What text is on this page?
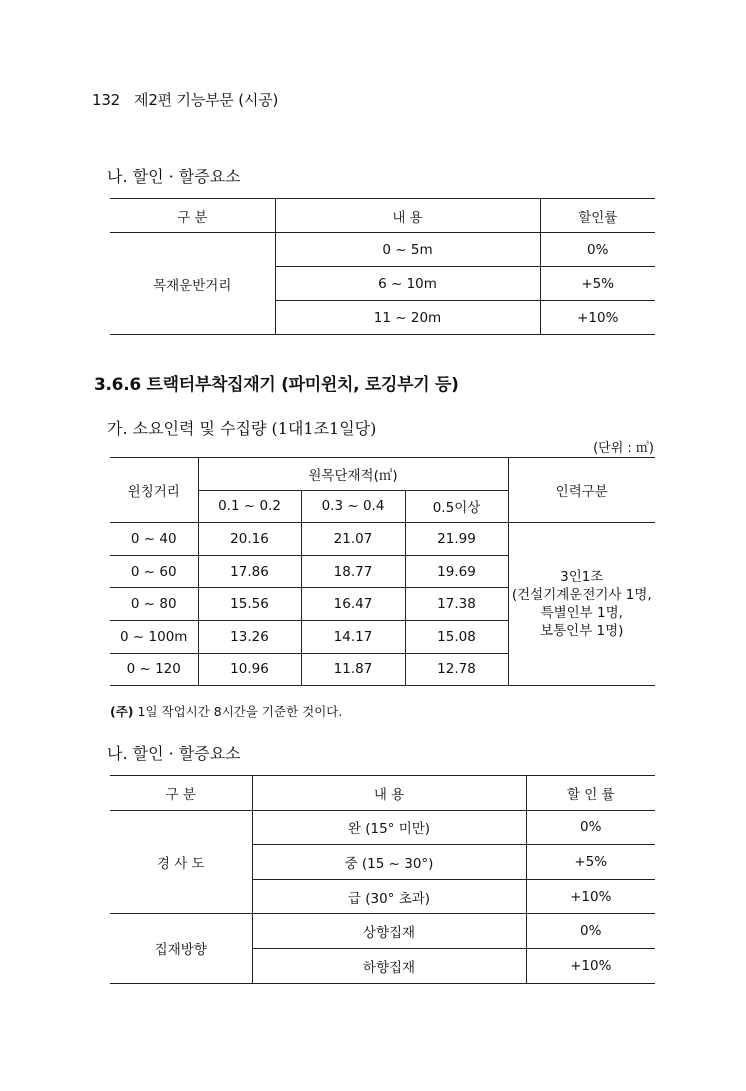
132 제2편 기능부문 (시공)
나. 할인 · 할증요소
구 분	내 용	할인률
목재운반거리	0 ~ 5m	0%
	6 ~ 10m	+5%
	11 ~ 20m	+10%
3.6.6 트랙터부착집재기 (파미윈치, 로깅부기 등)
가. 소요인력 및 수집량 (1대1조1일당)
(단위 : ㎥)
윈칭거리	원목단재적(㎥)			인력구분
	0.1 ~ 0.2	0.3 ~ 0.4	0.5이상	
0 ~ 40	20.16	21.07	21.99	3인1조
(건설기계운전기사 1명,
특별인부 1명,
보통인부 1명)

0 ~ 60	17.86	18.77	19.69	
0 ~ 80	15.56	16.47	17.38	
0 ~ 100m	13.26	14.17	15.08	
0 ~ 120	10.96	11.87	12.78	
(주) 1일 작업시간 8시간을 기준한 것이다.
나. 할인 · 할증요소
구 분	내 용	할 인 률
경 사 도	완 (15° 미만)	0%
	중 (15 ~ 30°)	+5%
	급 (30° 초과)	+10%
집재방향	상향집재	0%
	하향집재	+10%
